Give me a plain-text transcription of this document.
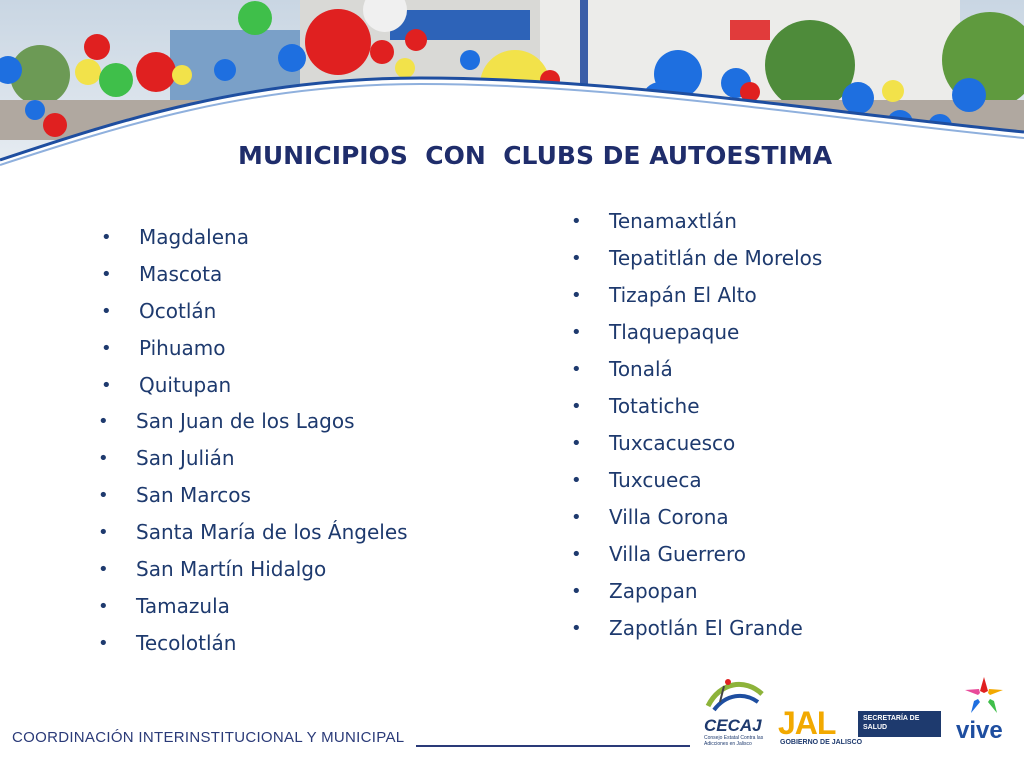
MUNICIPIOS  CON  CLUBS DE AUTOESTIMA
• Magdalena
• Mascota
• Ocotlán
• Pihuamo
• Quitupan
• San Juan de los Lagos
• San Julián
• San Marcos
• Santa María de los Ángeles
• San Martín Hidalgo
• Tamazula
• Tecolotlán
• Tenamaxtlán
• Tepatitlán de Morelos
• Tizapán El Alto
• Tlaquepaque
• Tonalá
• Totatiche
• Tuxcacuesco
• Tuxcueca
• Villa Corona
• Villa Guerrero
• Zapopan
• Zapotlán El Grande
COORDINACIÓN INTERINSTITUCIONAL Y MUNICIPAL
CECAJ
Consejo Estatal Contra las Adicciones en Jalisco
JAL
GOBIERNO DE JALISCO
SECRETARÍA DE SALUD	vive
